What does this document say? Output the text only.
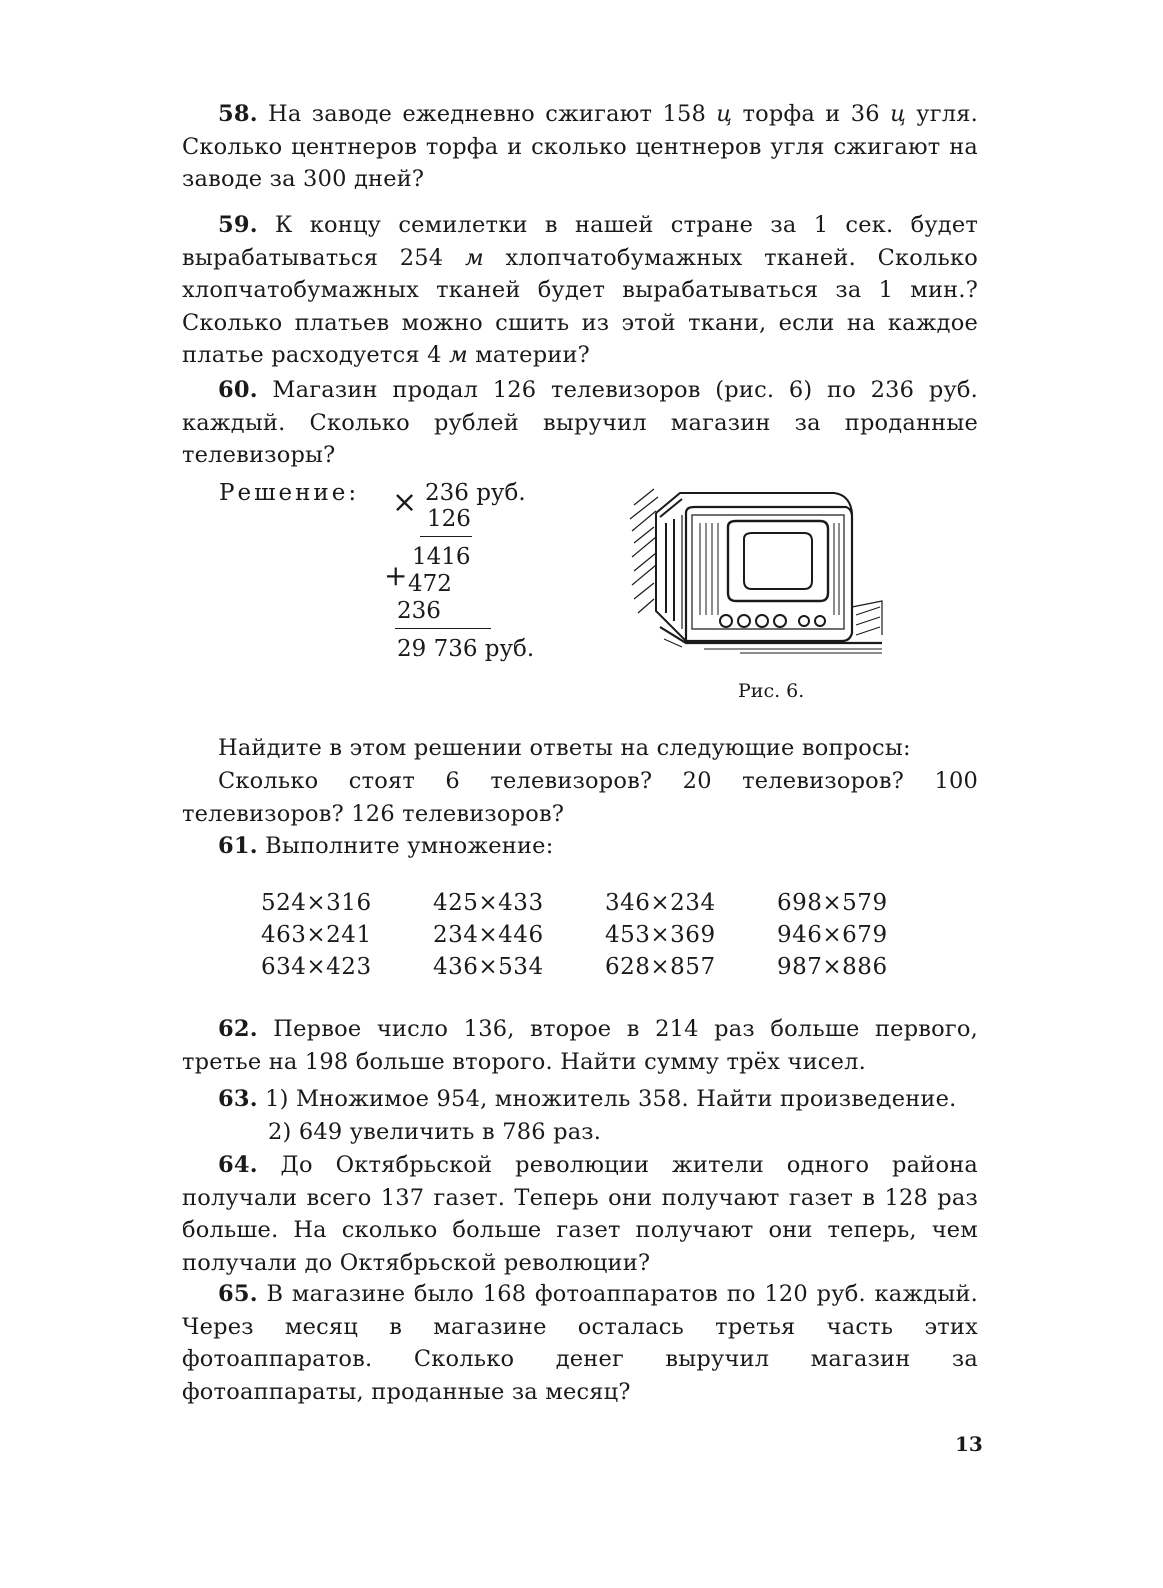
58. На заводе ежедневно сжигают 158 ц торфа и 36 ц угля. Сколько центнеров торфа и сколько центнеров угля сжигают на заводе за 300 дней?

59. К концу семилетки в нашей стране за 1 сек. будет вырабатываться 254 м хлопчатобумажных тканей. Сколько хлопчатобумажных тканей будет вырабатываться за 1 мин.? Сколько платьев можно сшить из этой ткани, если на каждое платье расходуется 4 м материи?

60. Магазин продал 126 телевизоров (рис. 6) по 236 руб. каждый. Сколько рублей выручил магазин за проданные телевизоры?

Решение: × 236 руб.
126
1416
+ 472
236
29 736 руб.
Рис. 6.

Найдите в этом решении ответы на следующие вопросы:

Сколько стоят 6 телевизоров? 20 телевизоров? 100 телевизоров? 126 телевизоров?

61. Выполните умножение:

524×316	425×433	346×234	698×579
463×241	234×446	453×369	946×679
634×423	436×534	628×857	987×886

62. Первое число 136, второе в 214 раз больше первого, третье на 198 больше второго. Найти сумму трёх чисел.

63. 1) Множимое 954, множитель 358. Найти произведение.

2) 649 увеличить в 786 раз.

64. До Октябрьской революции жители одного района получали всего 137 газет. Теперь они получают газет в 128 раз больше. На сколько больше газет получают они теперь, чем получали до Октябрьской революции?

65. В магазине было 168 фотоаппаратов по 120 руб. каждый. Через месяц в магазине осталась третья часть этих фотоаппаратов. Сколько денег выручил магазин за фотоаппараты, проданные за месяц?

13
